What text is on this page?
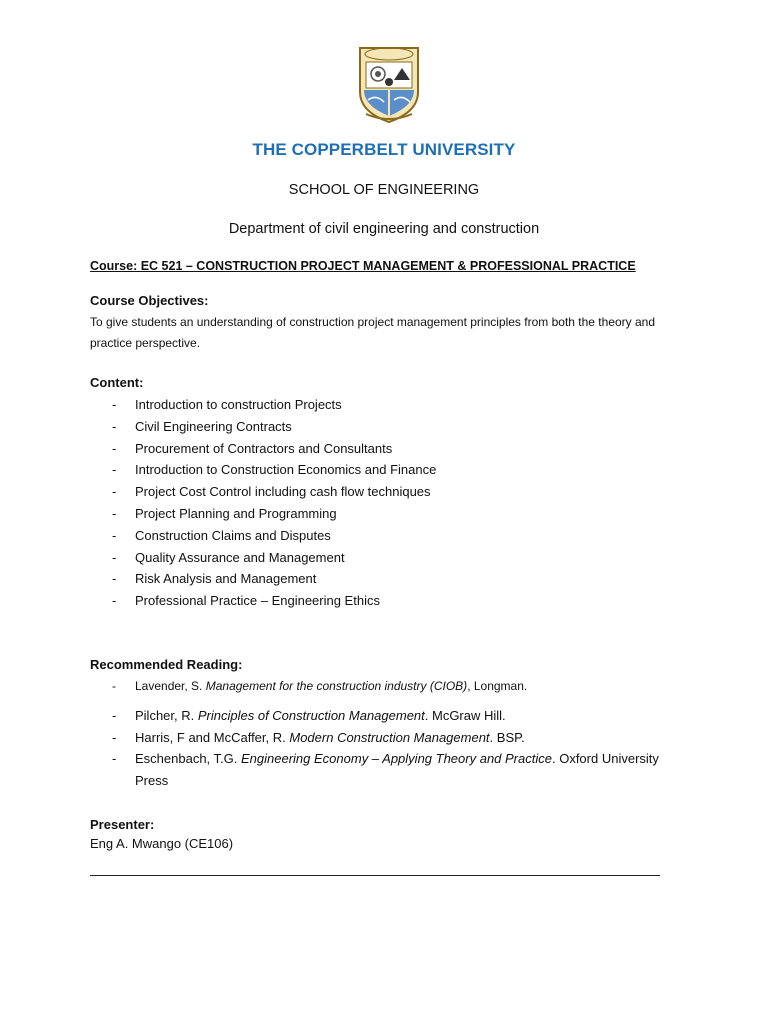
THE COPPERBELT UNIVERSITY
SCHOOL OF ENGINEERING
Department of civil engineering and construction
Course: EC 521 – CONSTRUCTION PROJECT MANAGEMENT & PROFESSIONAL PRACTICE
Course Objectives:
To give students an understanding of construction project management principles from both the theory and practice perspective.
Content:
- Introduction to construction Projects
- Civil Engineering Contracts
- Procurement of Contractors and Consultants
- Introduction to Construction Economics and Finance
- Project Cost Control including cash flow techniques
- Project Planning and Programming
- Construction Claims and Disputes
- Quality Assurance and Management
- Risk Analysis and Management
- Professional Practice – Engineering Ethics
Recommended Reading:
- Lavender, S. Management for the construction industry (CIOB), Longman.
- Pilcher, R. Principles of Construction Management. McGraw Hill.
- Harris, F and McCaffer, R. Modern Construction Management. BSP.
- Eschenbach, T.G. Engineering Economy – Applying Theory and Practice. Oxford University Press
Presenter:
Eng A. Mwango (CE106)
